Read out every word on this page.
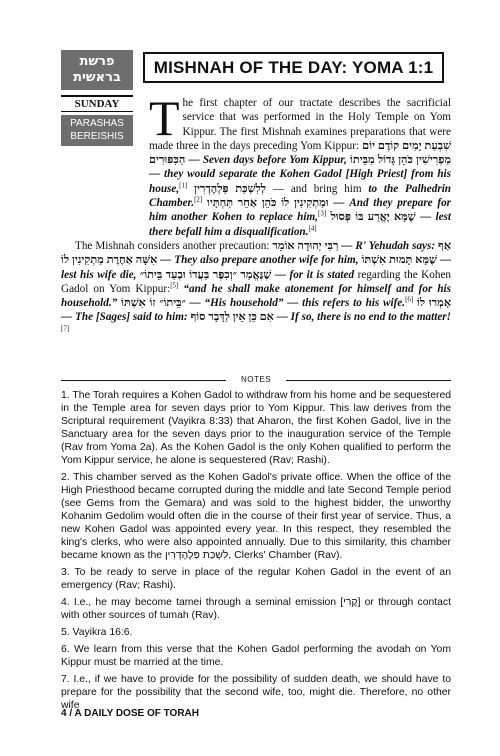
פרשת
בראשית
MISHNAH OF THE DAY: YOMA 1:1
SUNDAY
PARASHAS
BEREISHIS The first chapter of our tractate describes the sacrificial service that was performed in the Holy Temple on Yom Kippur. The first Mishnah examines preparations that were made three in the days preceding Yom Kippur: שִׁבְעַת יָמִים קוֹדֶם יוֹם הַכִּפּוּרִים — Seven days before Yom Kippur, מַפְרִישִׁין כֹּהֵן גָּדוֹל מִבֵּיתוֹ — they would separate the Kohen Gadol [High Priest] from his house,[1] לְלִשְׁכַּת פַּלְהֶדְרִין — and bring him to the Palhedrin Chamber.[2] וּמַתְקִינִין לוֹ כֹּהֵן אַחֵר תַּחְתָּיו — And they prepare for him another Kohen to replace him,[3] שֶׁמָּא יֶאֱרַע בּוֹ פְּסוּל — lest there befall him a disqualification.[4]

The Mishnah considers another precaution: רַבִּי יְהוּדָה אוֹמֵר — R' Yehudah says: אַף אִשָּׁה אַחֶרֶת מַתְקִינִין לוֹ — They also prepare another wife for him, שֶׁמָּא תָּמוּת אִשְׁתּוֹ — lest his wife die, שֶׁנֶּאֱמַר ״וְכִפֶּר בַּעֲדוֹ וּבְעַד בֵּיתוֹ״ — for it is stated regarding the Kohen Gadol on Yom Kippur:[5] “and he shall make atonement for himself and for his household.” ״בֵּיתוֹ״ זוֹ אִשְׁתּוֹ — “His household” — this refers to his wife.[6] אָמְרוּ לוֹ — The [Sages] said to him: אִם כֵּן אֵין לַדָּבָר סוֹף — If so, there is no end to the matter![7]

NOTES

1. The Torah requires a Kohen Gadol to withdraw from his home and be sequestered in the Temple area for seven days prior to Yom Kippur. This law derives from the Scriptural requirement (Vayikra 8:33) that Aharon, the first Kohen Gadol, live in the Sanctuary area for the seven days prior to the inauguration service of the Temple (Rav from Yoma 2a). As the Kohen Gadol is the only Kohen qualified to perform the Yom Kippur service, he alone is sequestered (Rav; Rashi).

2. This chamber served as the Kohen Gadol's private office. When the office of the High Priesthood became corrupted during the middle and late Second Temple period (see Gems from the Gemara) and was sold to the highest bidder, the unworthy Kohanim Gedolim would often die in the course of their first year of service. Thus, a new Kohen Gadol was appointed every year. In this respect, they resembled the king's clerks, who were also appointed annually. Due to this similarity, this chamber became known as the לִשְׁכַּת פַּלְהֶדְרִין, Clerks' Chamber (Rav).

3. To be ready to serve in place of the regular Kohen Gadol in the event of an emergency (Rav; Rashi).

4. I.e., he may become tamei through a seminal emission [קֶרִי] or through contact with other sources of tumah (Rav).

5. Vayikra 16:6.

6. We learn from this verse that the Kohen Gadol performing the avodah on Yom Kippur must be married at the time.

7. I.e., if we have to provide for the possibility of sudden death, we should have to prepare for the possibility that the second wife, too, might die. Therefore, no other wife

4 / A DAILY DOSE OF TORAH
